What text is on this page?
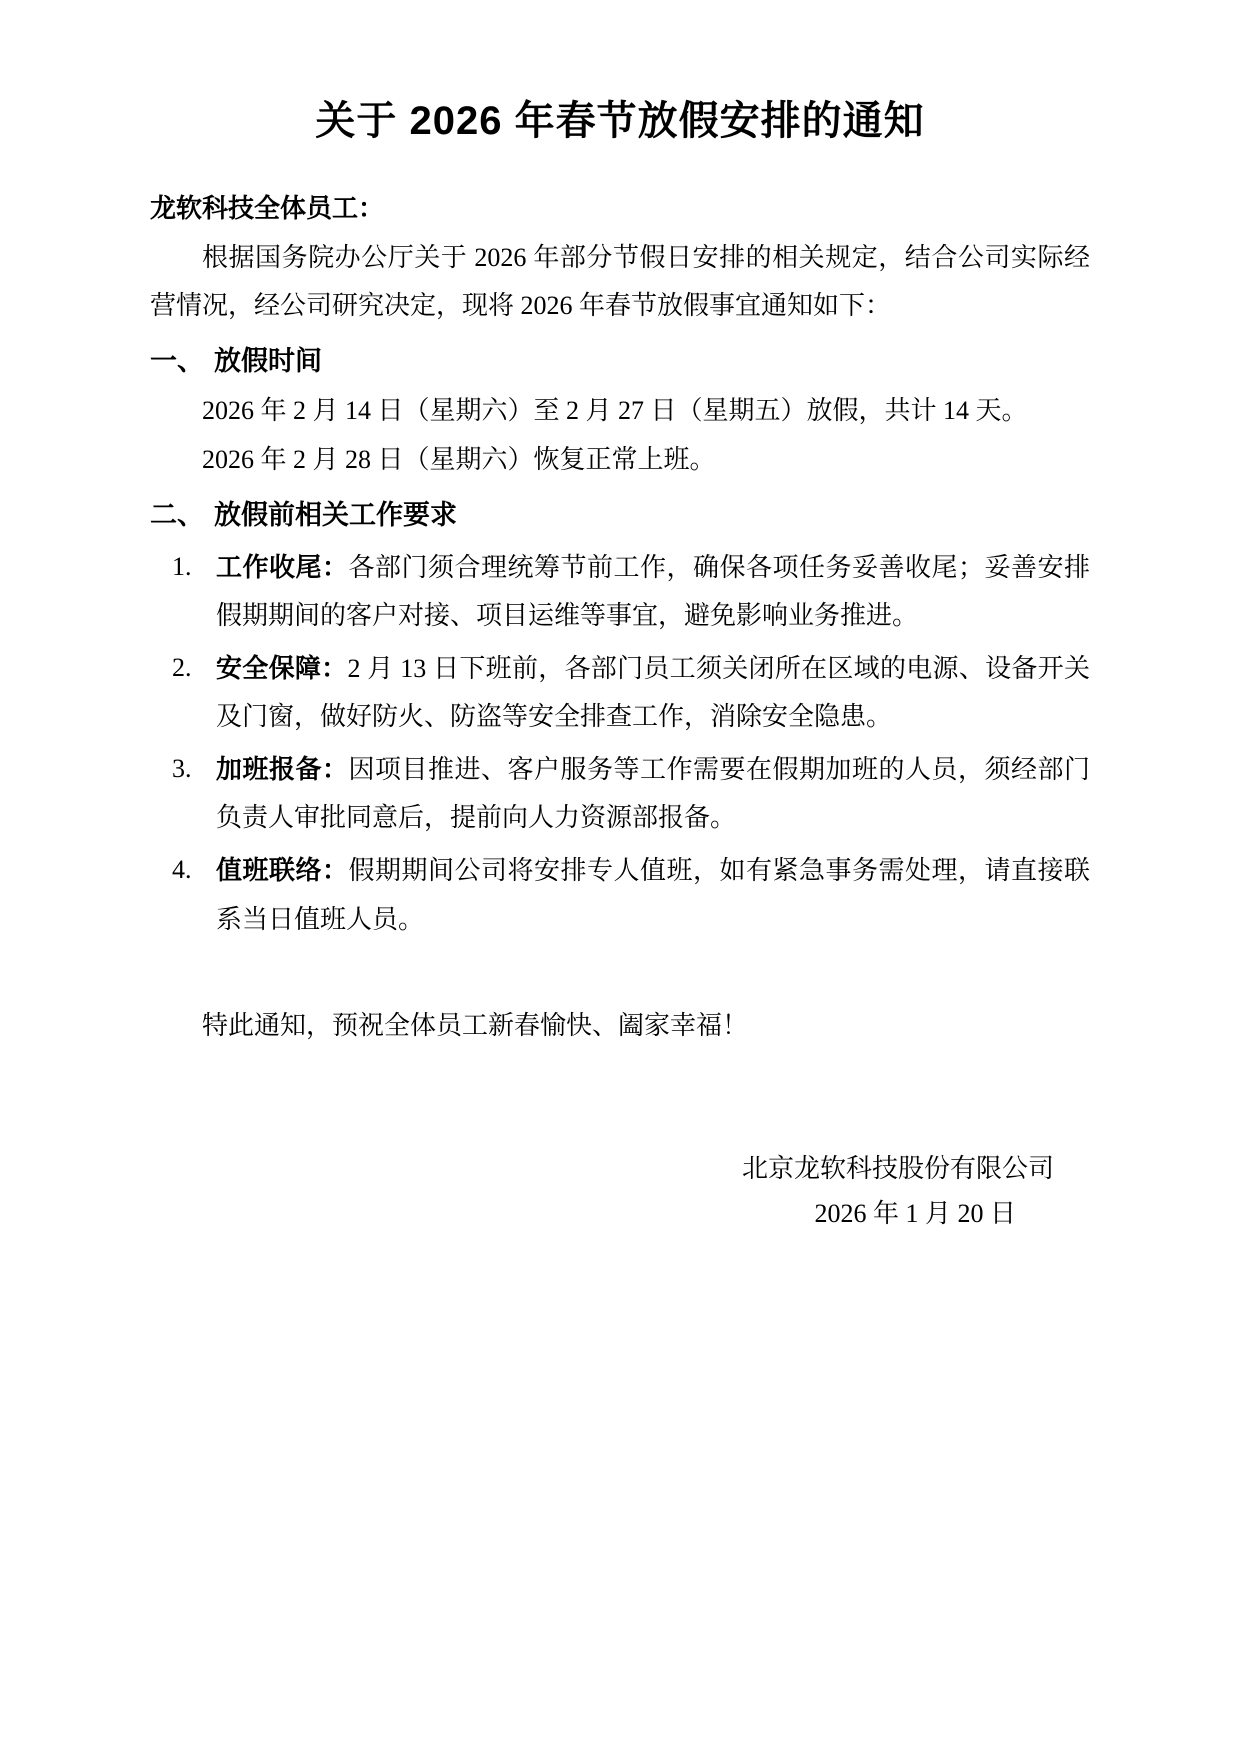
关于 2026 年春节放假安排的通知

龙软科技全体员工：

根据国务院办公厅关于 2026 年部分节假日安排的相关规定，结合公司实际经营情况，经公司研究决定，现将 2026 年春节放假事宜通知如下：

一、 放假时间

2026 年 2 月 14 日（星期六）至 2 月 27 日（星期五）放假，共计 14 天。

2026 年 2 月 28 日（星期六）恢复正常上班。

二、 放假前相关工作要求
1. 工作收尾：各部门须合理统筹节前工作，确保各项任务妥善收尾；妥善安排假期期间的客户对接、项目运维等事宜，避免影响业务推进。
2. 安全保障：2 月 13 日下班前，各部门员工须关闭所在区域的电源、设备开关及门窗，做好防火、防盗等安全排查工作，消除安全隐患。
3. 加班报备：因项目推进、客户服务等工作需要在假期加班的人员，须经部门负责人审批同意后，提前向人力资源部报备。
4. 值班联络：假期期间公司将安排专人值班，如有紧急事务需处理，请直接联系当日值班人员。

特此通知，预祝全体员工新春愉快、阖家幸福！

北京龙软科技股份有限公司
2026 年 1 月 20 日
